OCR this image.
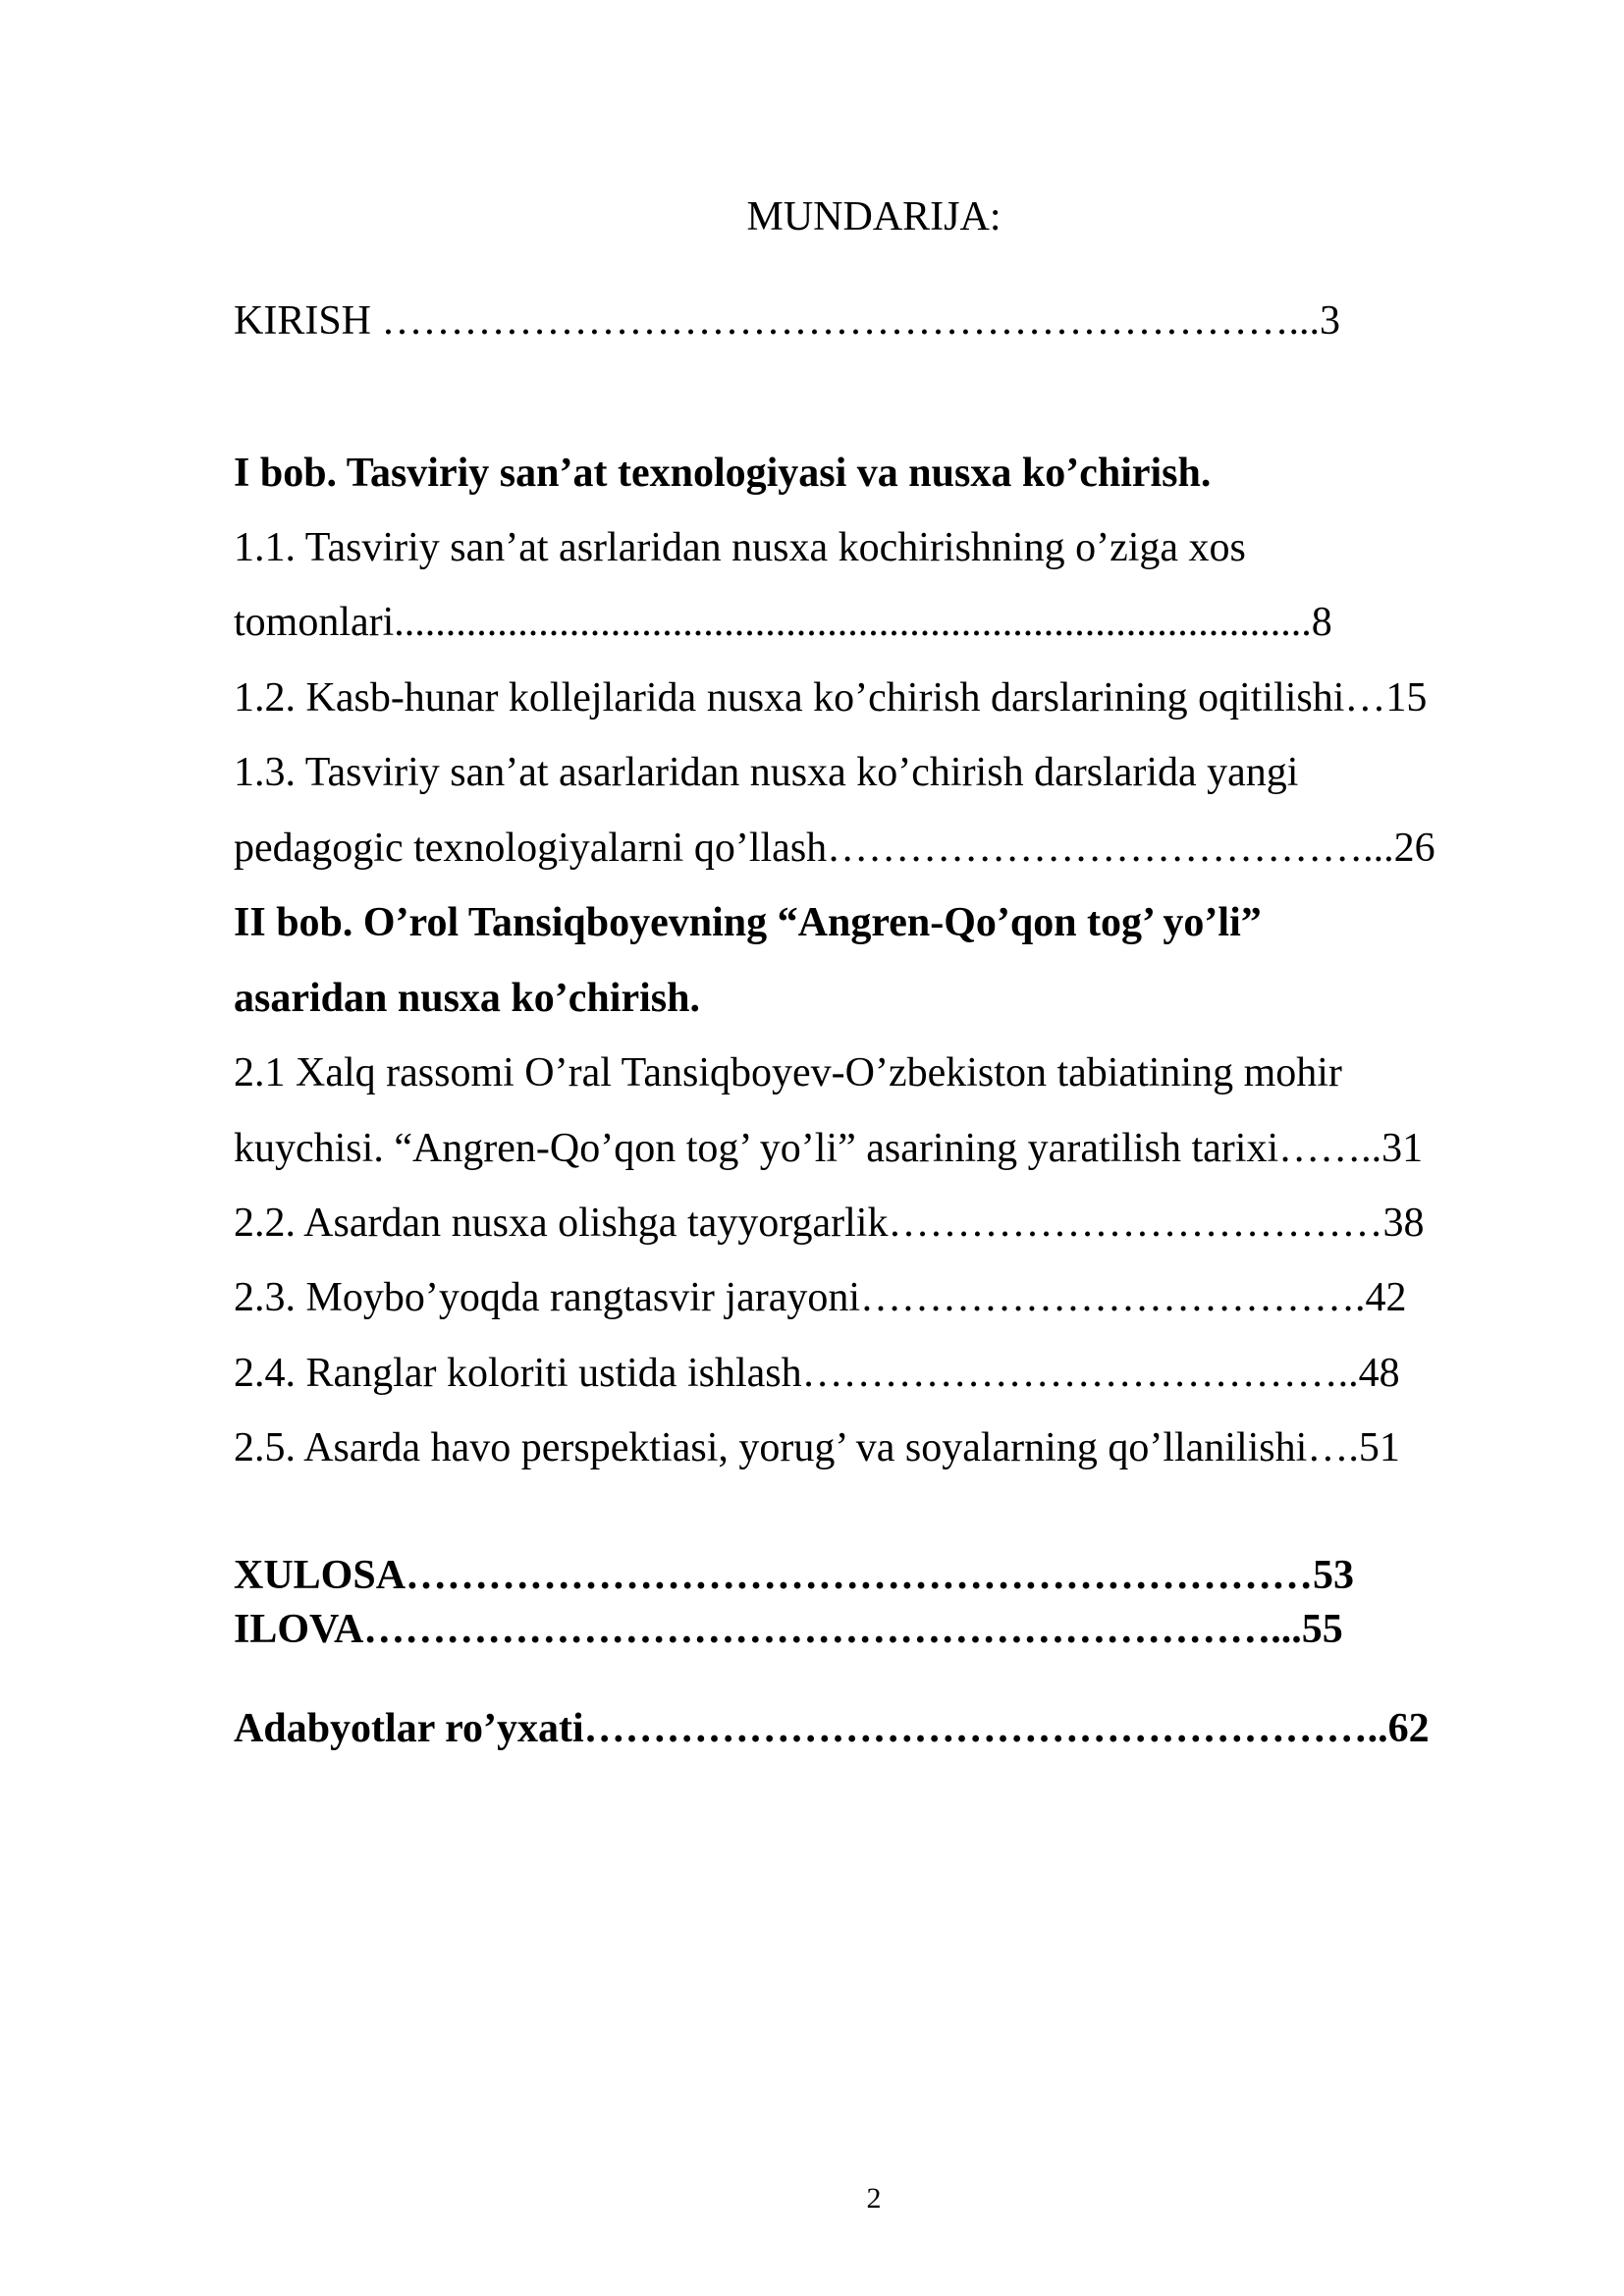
MUNDARIJA:
KIRISH …………………………………………………………...3
I bob. Tasviriy san’at texnologiyasi va nusxa ko’chirish.
1.1. Tasviriy san’at asrlaridan nusxa kochirishning o’ziga xos
tomonlari.........................................................................................8
1.2. Kasb-hunar kollejlarida nusxa ko’chirish darslarining oqitilishi…15
1.3. Tasviriy san’at asarlaridan nusxa ko’chirish darslarida yangi
pedagogic texnologiyalarni qo’llash…………………………………...26
II bob. O’rol Tansiqboyevning “Angren-Qo’qon tog’ yo’li”
asaridan nusxa ko’chirish.
2.1 Xalq rassomi O’ral Tansiqboyev-O’zbekiston tabiatining mohir
kuychisi. “Angren-Qo’qon tog’ yo’li” asarining yaratilish tarixi……..31
2.2. Asardan nusxa olishga tayyorgarlik………………………………38
2.3. Moybo’yoqda rangtasvir jarayoni……………………………….42
2.4. Ranglar koloriti ustida ishlash…………………………………..48
2.5. Asarda havo perspektiasi, yorug’ va soyalarning qo’llanilishi….51
XULOSA…………………………………………………………53
ILOVA…………………………………………………………...55
Adabyotlar ro’yxati…………………………………………………..62
2
